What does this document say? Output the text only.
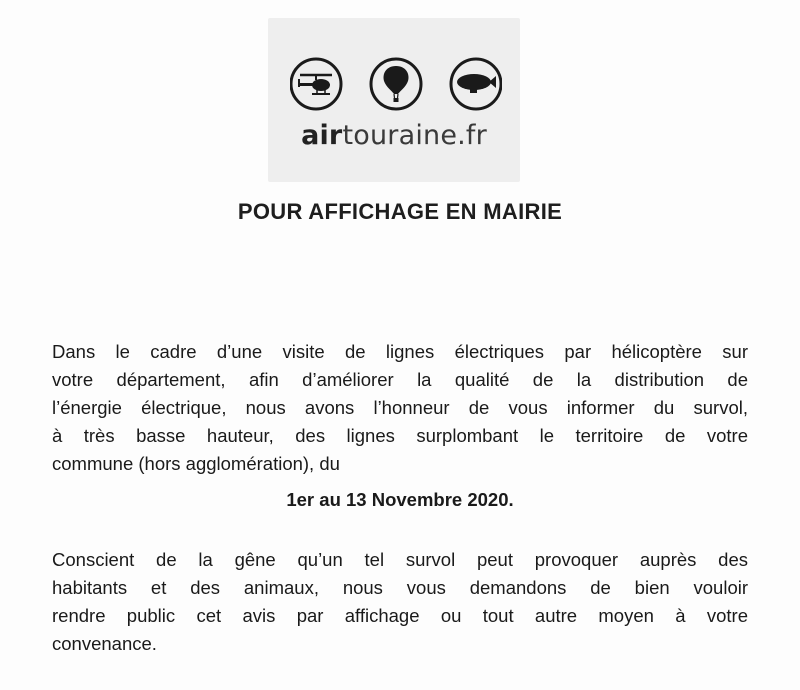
airtouraine.fr
POUR AFFICHAGE EN MAIRIE
Dans le cadre d’une visite de lignes électriques par hélicoptère sur
votre département, afin d’améliorer la qualité de la distribution de
l’énergie électrique, nous avons l’honneur de vous informer du survol,
à très basse hauteur, des lignes surplombant le territoire de votre
commune (hors agglomération), du
1er au 13 Novembre 2020.
Conscient de la gêne qu’un tel survol peut provoquer auprès des
habitants et des animaux, nous vous demandons de bien vouloir
rendre public cet avis par affichage ou tout autre moyen à votre
convenance.
